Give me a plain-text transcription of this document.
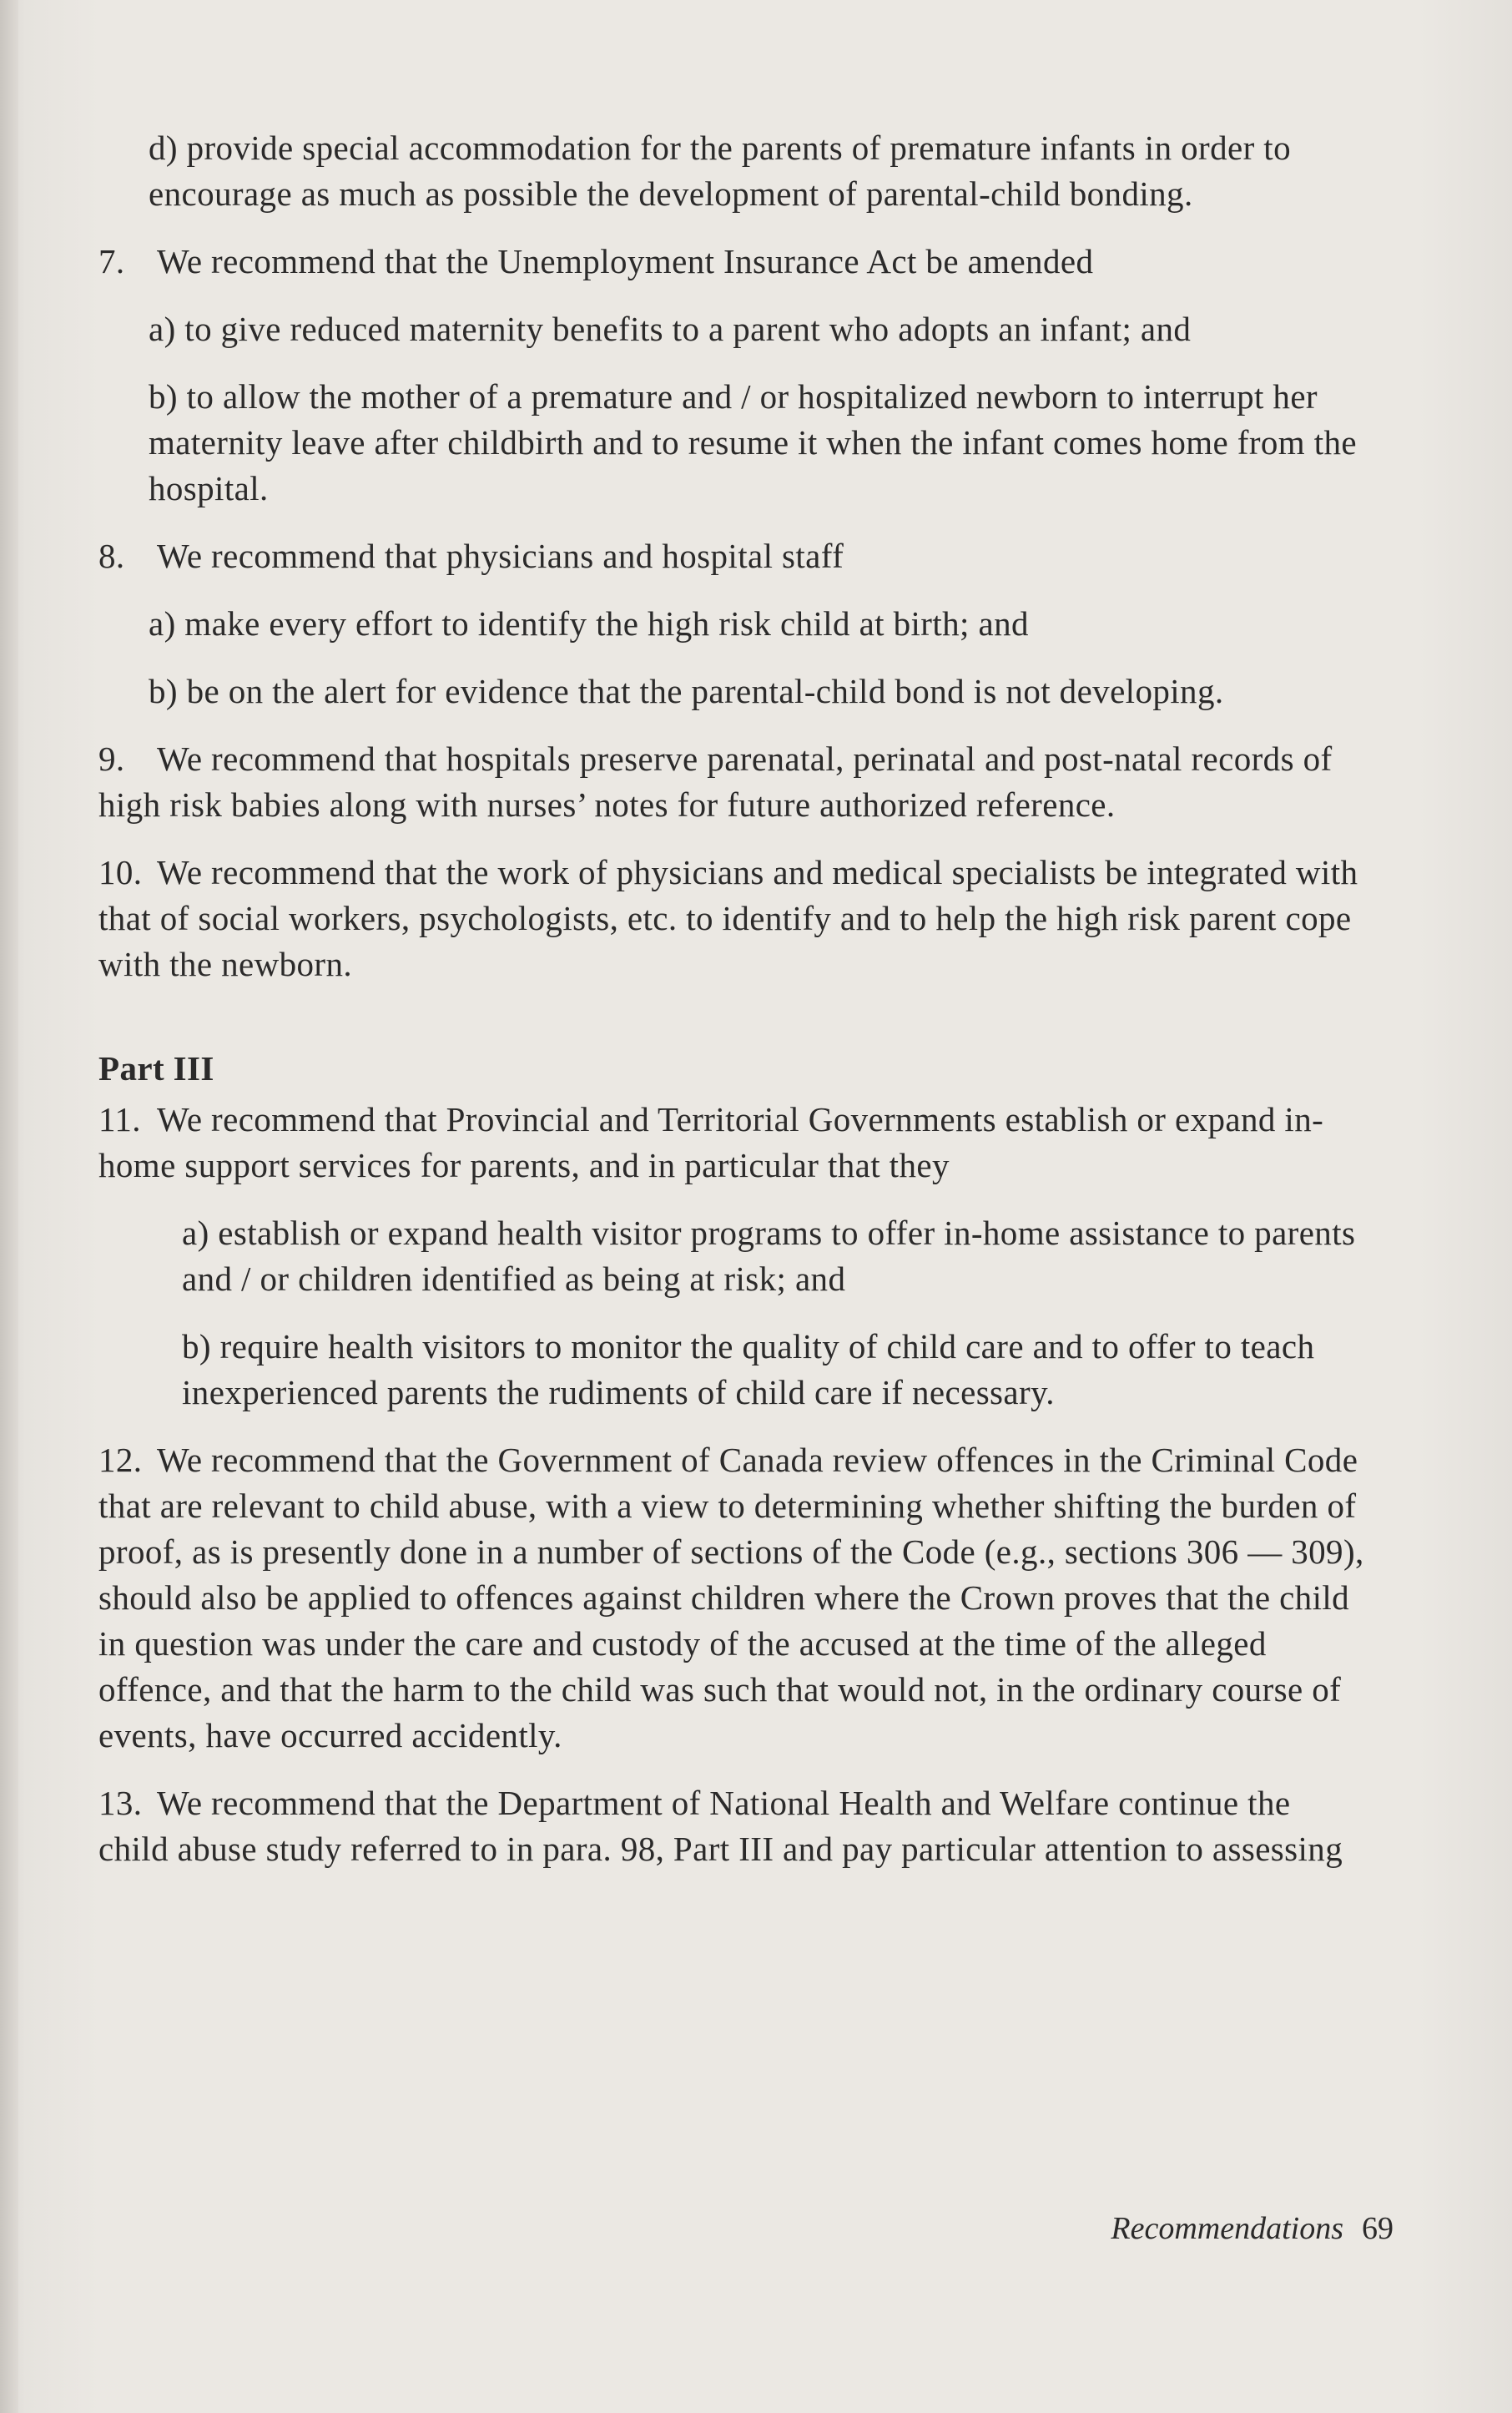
d) provide special accommodation for the parents of premature infants in order to encourage as much as possible the development of parental-child bonding.
7. We recommend that the Unemployment Insurance Act be amended
a) to give reduced maternity benefits to a parent who adopts an infant; and
b) to allow the mother of a premature and / or hospitalized newborn to interrupt her maternity leave after childbirth and to resume it when the infant comes home from the hospital.
8. We recommend that physicians and hospital staff
a) make every effort to identify the high risk child at birth; and
b) be on the alert for evidence that the parental-child bond is not developing.
9. We recommend that hospitals preserve parenatal, perinatal and post-natal records of high risk babies along with nurses’ notes for future authorized reference.
10. We recommend that the work of physicians and medical specialists be integrated with that of social workers, psychologists, etc. to identify and to help the high risk parent cope with the newborn.
Part III
11. We recommend that Provincial and Territorial Governments establish or expand in-home support services for parents, and in particular that they
a) establish or expand health visitor programs to offer in-home assistance to parents and / or children identified as being at risk; and
b) require health visitors to monitor the quality of child care and to offer to teach inexperienced parents the rudiments of child care if necessary.
12. We recommend that the Government of Canada review offences in the Criminal Code that are relevant to child abuse, with a view to determining whether shifting the burden of proof, as is presently done in a number of sections of the Code (e.g., sections 306 — 309), should also be applied to offences against children where the Crown proves that the child in question was under the care and custody of the accused at the time of the alleged offence, and that the harm to the child was such that would not, in the ordinary course of events, have occurred accidently.
13. We recommend that the Department of National Health and Welfare continue the child abuse study referred to in para. 98, Part III and pay particular attention to assessing
Recommendations 69
